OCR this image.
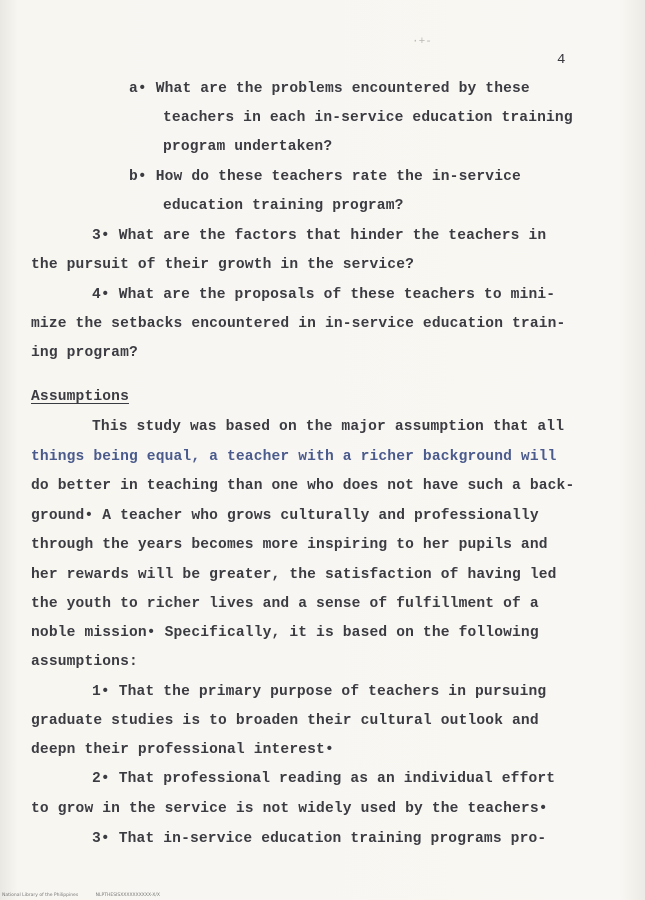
·+-
4
a• What are the problems encountered by these
teachers in each in-service education training
program undertaken?
b• How do these teachers rate the in-service
education training program?
3• What are the factors that hinder the teachers in
the pursuit of their growth in the service?
4• What are the proposals of these teachers to mini-
mize the setbacks encountered in in-service education train-
ing program?
Assumptions
This study was based on the major assumption that all
things being equal, a teacher with a richer background will
do better in teaching than one who does not have such a back-
ground• A teacher who grows culturally and professionally
through the years becomes more inspiring to her pupils and
her rewards will be greater, the satisfaction of having led
the youth to richer lives and a sense of fulfillment of a
noble mission• Specifically, it is based on the following
assumptions:
1• That the primary purpose of teachers in pursuing
graduate studies is to broaden their cultural outlook and
deepn their professional interest•
2• That professional reading as an individual effort
to grow in the service is not widely used by the teachers•
3• That in-service education training programs pro-
National Library of the Philippines	NLPTHESISXXXXXXXXXX-X/X
